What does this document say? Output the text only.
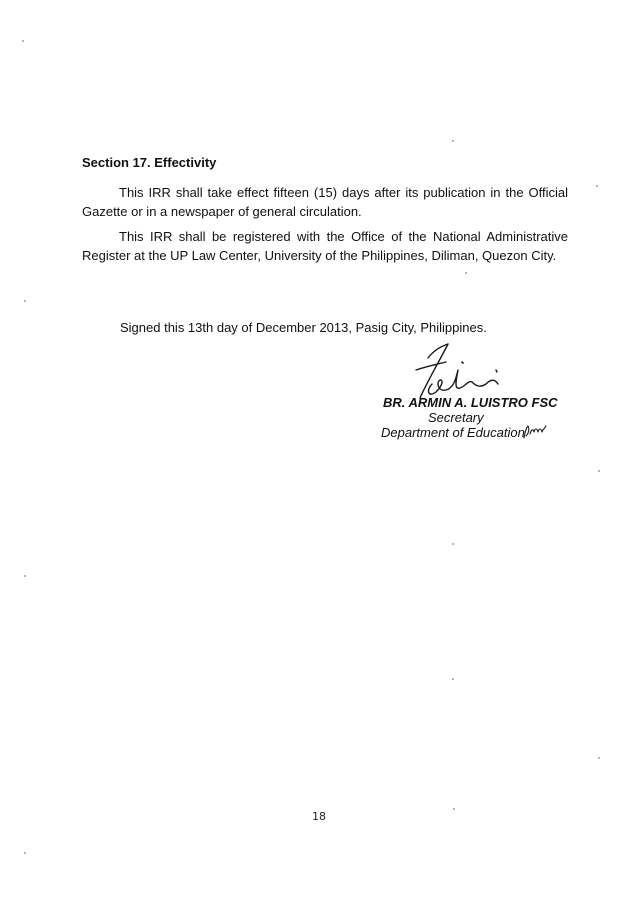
Section 17. Effectivity

This IRR shall take effect fifteen (15) days after its publication in the Official Gazette or in a newspaper of general circulation.

This IRR shall be registered with the Office of the National Administrative Register at the UP Law Center, University of the Philippines, Diliman, Quezon City.

Signed this 13th day of December 2013, Pasig City, Philippines.

BR. ARMIN A. LUISTRO FSC
Secretary
Department of Education
18
